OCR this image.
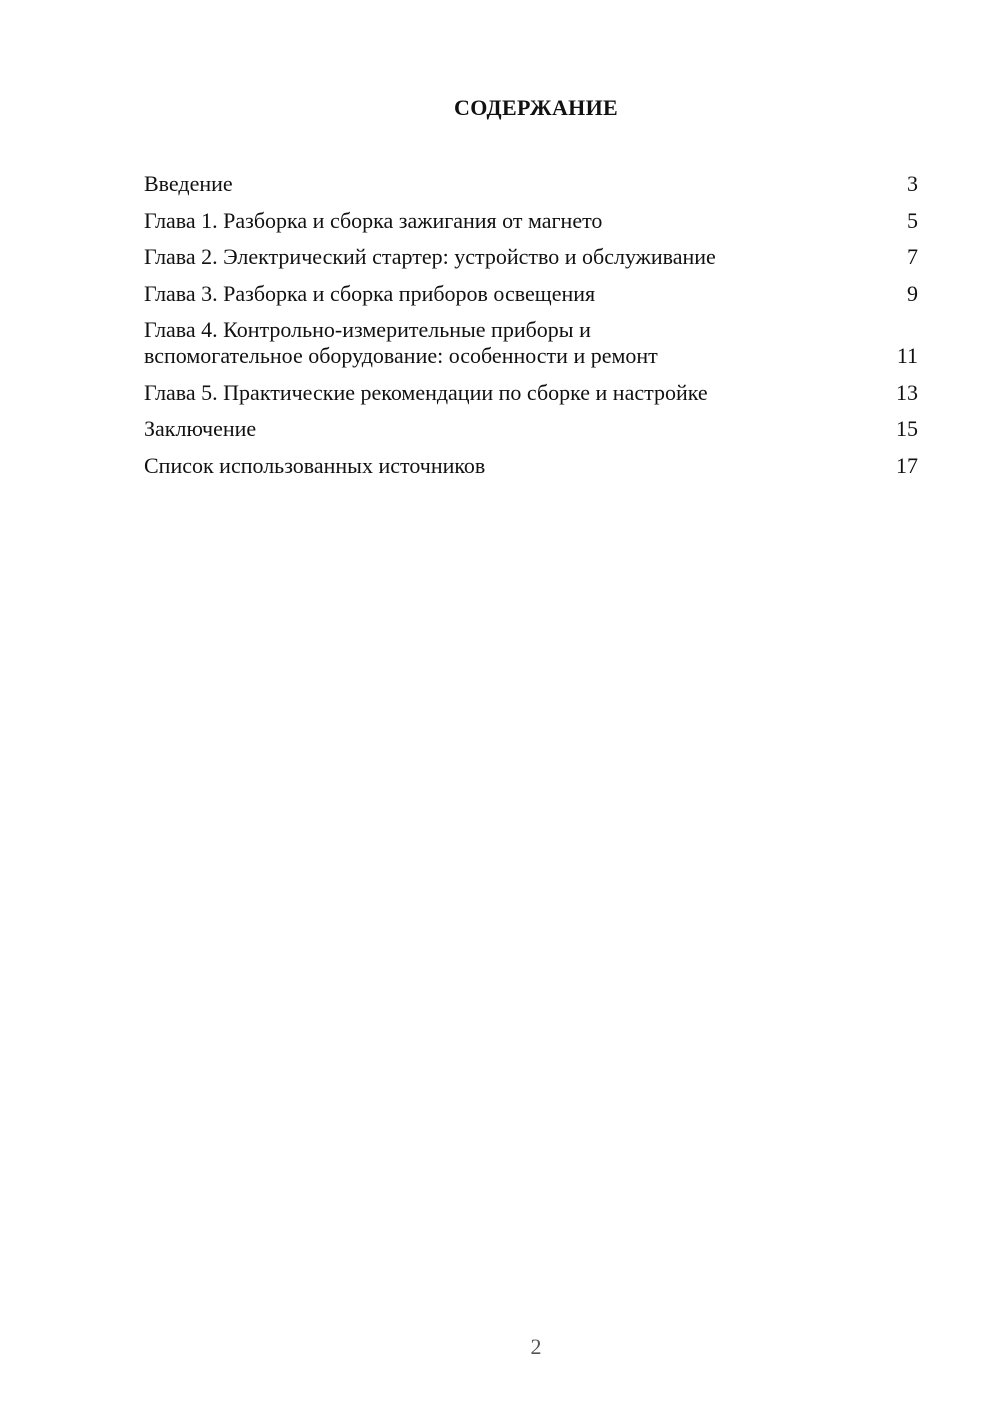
СОДЕРЖАНИЕ
Введение	3
Глава 1. Разборка и сборка зажигания от магнето	5
Глава 2. Электрический стартер: устройство и обслуживание	7
Глава 3. Разборка и сборка приборов освещения	9
Глава 4. Контрольно-измерительные приборы и
вспомогательное оборудование: особенности и ремонт	11
Глава 5. Практические рекомендации по сборке и настройке	13
Заключение	15
Список использованных источников	17
2
